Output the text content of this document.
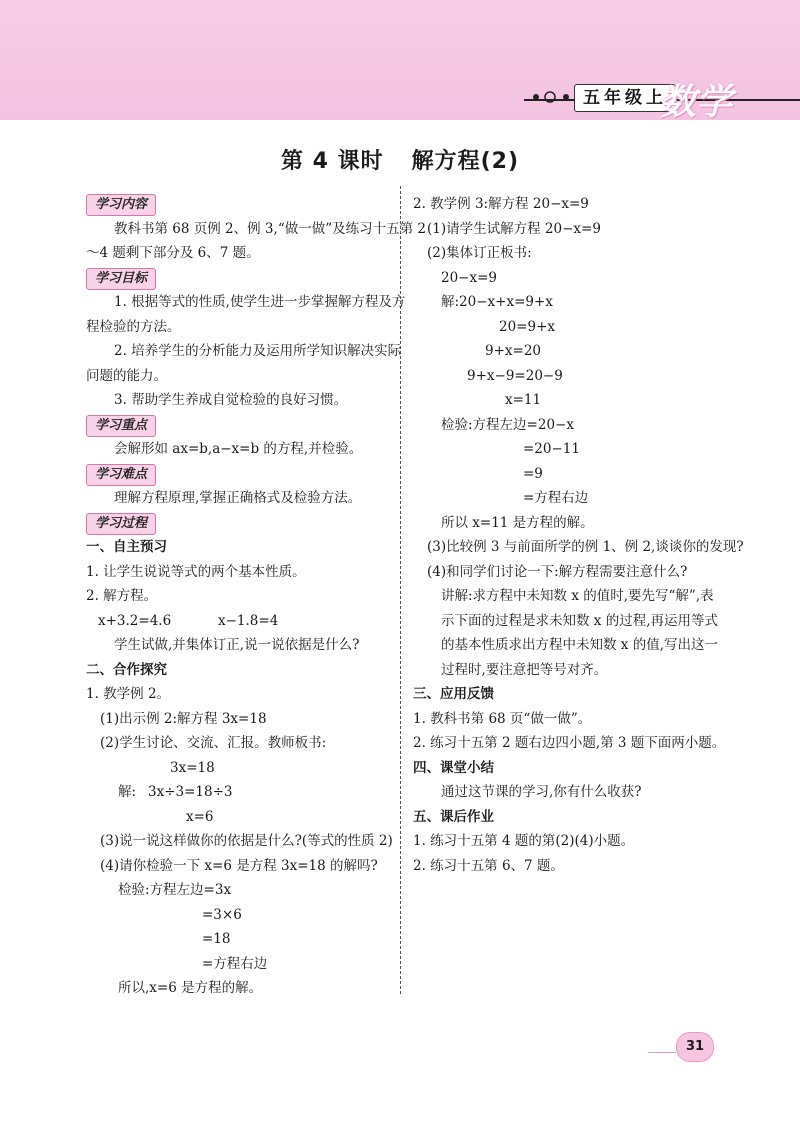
五年级上
数学
第 4 课时 解方程(2)
学习内容
教科书第 68 页例 2、例 3,“做一做”及练习十五第 2
～4 题剩下部分及 6、7 题。
学习目标
1. 根据等式的性质,使学生进一步掌握解方程及方
程检验的方法。
2. 培养学生的分析能力及运用所学知识解决实际
问题的能力。
3. 帮助学生养成自觉检验的良好习惯。
学习重点
会解形如 ax=b,a−x=b 的方程,并检验。
学习难点
理解方程原理,掌握正确格式及检验方法。
学习过程
一、自主预习
1. 让学生说说等式的两个基本性质。
2. 解方程。
x+3.2=4.6	x−1.8=4
学生试做,并集体订正,说一说依据是什么?
二、合作探究
1. 教学例 2。
(1)出示例 2:解方程 3x=18
(2)学生讨论、交流、汇报。教师板书:
3x=18
解: 3x÷3=18÷3
x=6
(3)说一说这样做你的依据是什么?(等式的性质 2)
(4)请你检验一下 x=6 是方程 3x=18 的解吗?
检验:方程左边=3x
=3×6
=18
=方程右边
所以,x=6 是方程的解。
2. 教学例 3:解方程 20−x=9
(1)请学生试解方程 20−x=9
(2)集体订正板书:
20−x=9
解:20−x+x=9+x
20=9+x
9+x=20
9+x−9=20−9
x=11
检验:方程左边=20−x
=20−11
=9
=方程右边
所以 x=11 是方程的解。
(3)比较例 3 与前面所学的例 1、例 2,谈谈你的发现?
(4)和同学们讨论一下:解方程需要注意什么?
讲解:求方程中未知数 x 的值时,要先写“解”,表
示下面的过程是求未知数 x 的过程,再运用等式
的基本性质求出方程中未知数 x 的值,写出这一
过程时,要注意把等号对齐。
三、应用反馈
1. 教科书第 68 页“做一做”。
2. 练习十五第 2 题右边四小题,第 3 题下面两小题。
四、课堂小结
通过这节课的学习,你有什么收获?
五、课后作业
1. 练习十五第 4 题的第(2)(4)小题。
2. 练习十五第 6、7 题。
31
